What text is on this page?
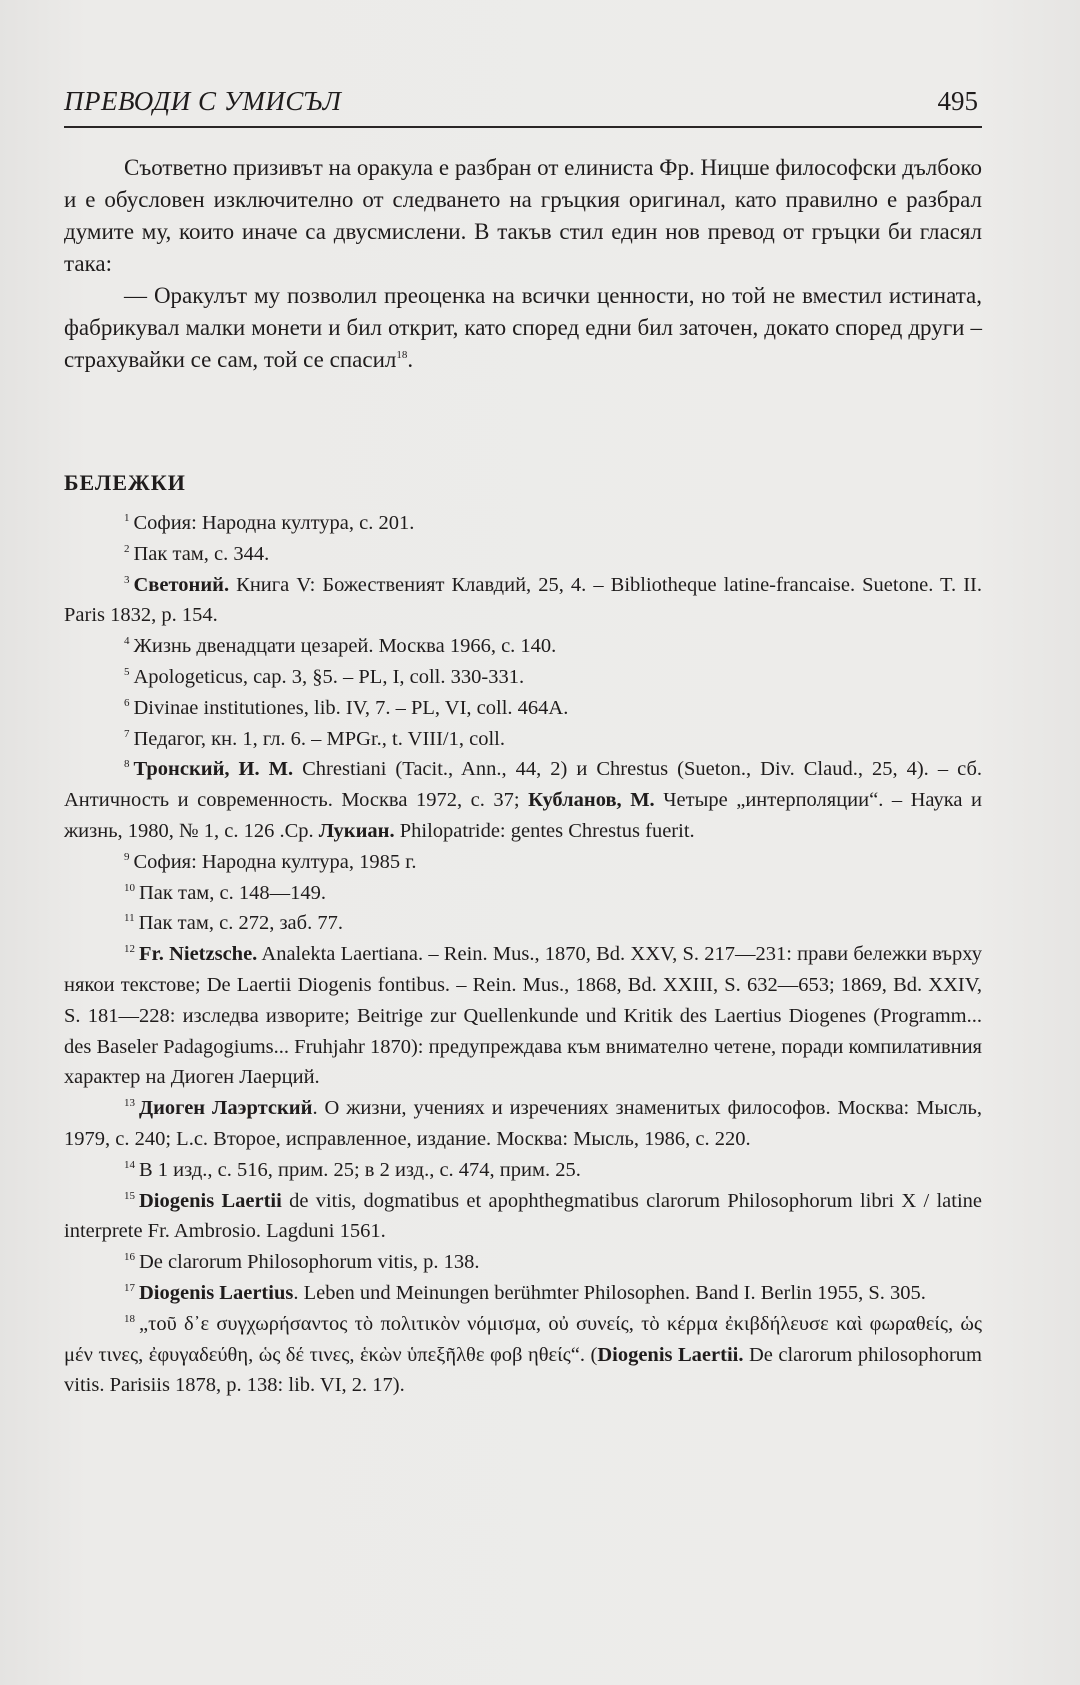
ПРЕВОДИ С УМИСЪЛ	495

Съответно призивът на оракула е разбран от елиниста Фр. Ницше философски дълбоко и е обусловен изключително от следването на гръцкия оригинал, като правилно е разбрал думите му, които иначе са двусмислени. В такъв стил един нов превод от гръцки би гласял така:

— Оракулът му позволил преоценка на всички ценности, но той не вместил истината, фабрикувал малки монети и бил открит, като според едни бил заточен, докато според други – страхувайки се сам, той се спасил$^{18}$.

БЕЛЕЖКИ

$^1$ София: Народна култура, с. 201.

$^2$ Пак там, с. 344.

$^3$ Светоний. Книга V: Божественият Клавдий, 25, 4. – Bibliotheque latine-francaise. Suetone. T. II. Paris 1832, p. 154.

$^4$ Жизнь двенадцати цезарей. Москва 1966, с. 140.

$^5$ Apologeticus, cap. 3, §5. – PL, I, coll. 330-331.

$^6$ Divinae institutiones, lib. IV, 7. – PL, VI, coll. 464A.

$^7$ Педагог, кн. 1, гл. 6. – MPGr., t. VIII/1, coll.

$^8$ Тронский, И. М. Chrestiani (Tacit., Ann., 44, 2) и Chrestus (Sueton., Div. Claud., 25, 4). – сб. Античность и современность. Москва 1972, с. 37; Кубланов, М. Четыре „интерполяции“. – Наука и жизнь, 1980, № 1, с. 126 .Ср. Лукиан. Philopatride: gentes Chrestus fuerit.

$^9$ София: Народна култура, 1985 г.

$^{10}$ Пак там, с. 148—149.

$^{11}$ Пак там, с. 272, заб. 77.

$^{12}$ Fr. Nietzsche. Analekta Laertiana. – Rein. Mus., 1870, Bd. XXV, S. 217—231: прави бележки върху някои текстове; De Laertii Diogenis fontibus. – Rein. Mus., 1868, Bd. XXIII, S. 632—653; 1869, Bd. XXIV, S. 181—228: изследва изворите; Beitrige zur Quellenkunde und Kritik des Laertius Diogenes (Programm... des Baseler Padagogiums... Fruhjahr 1870): предупреждава към внимателно четене, поради компилативния характер на Диоген Лаерций.

$^{13}$ Диоген Лаэртский. О жизни, учениях и изречениях знаменитых философов. Москва: Мысль, 1979, с. 240; L.c. Второе, исправленное, издание. Москва: Мысль, 1986, с. 220.

$^{14}$ В 1 изд., с. 516, прим. 25; в 2 изд., с. 474, прим. 25.

$^{15}$ Diogenis Laertii de vitis, dogmatibus et apophthegmatibus clarorum Philosophorum libri X / latine interprete Fr. Ambrosio. Lagduni 1561.

$^{16}$ De clarorum Philosophorum vitis, p. 138.

$^{17}$ Diogenis Laertius. Leben und Meinungen berühmter Philosophen. Band I. Berlin 1955, S. 305.

$^{18}$ „τοῦ δ᾽ε συγχωρήσαντος τὸ πολιτικὸν νόμισμα, οὐ συνείς, τὸ κέρμα ἐκιβδήλευσε καὶ φωραθείς, ὡς μέν τινες, ἐφυγαδεύθη, ὡς δέ τινες, ἑκὼν ὑπεξῆλθε φοβ ηθείς“. (Diogenis Laertii. De clarorum philosophorum vitis. Parisiis 1878, p. 138: lib. VI, 2. 17).
